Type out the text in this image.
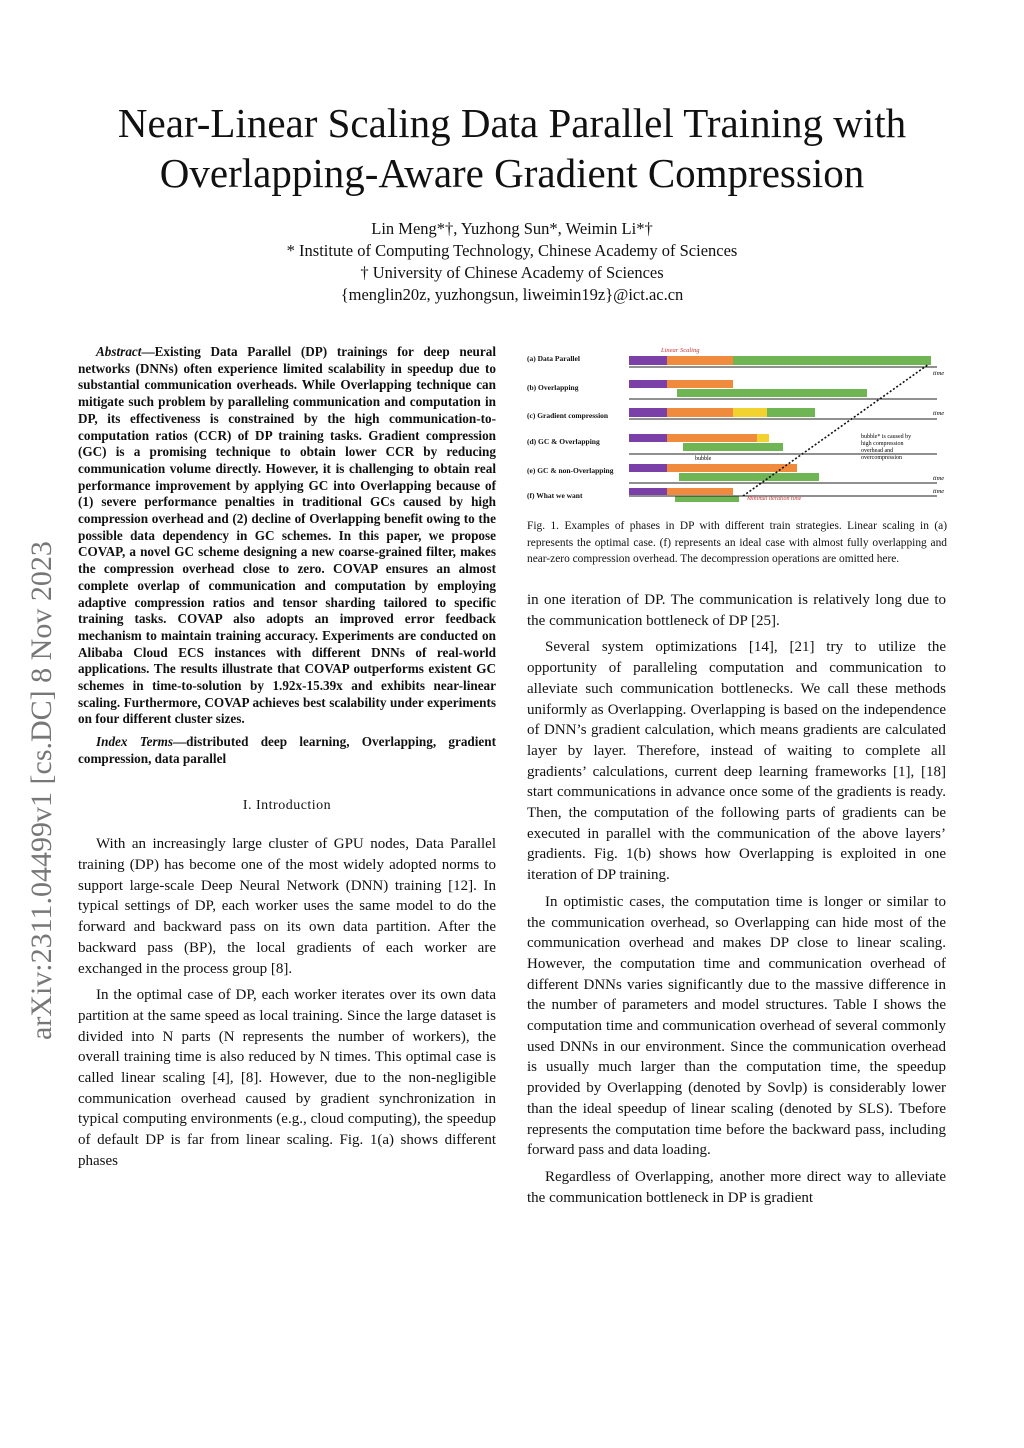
arXiv:2311.04499v1 [cs.DC] 8 Nov 2023
Near-Linear Scaling Data Parallel Training with
Overlapping-Aware Gradient Compression
Lin Meng*†, Yuzhong Sun*, Weimin Li*†
* Institute of Computing Technology, Chinese Academy of Sciences
† University of Chinese Academy of Sciences
{menglin20z, yuzhongsun, liweimin19z}@ict.ac.cn

Abstract—Existing Data Parallel (DP) trainings for deep neural networks (DNNs) often experience limited scalability in speedup due to substantial communication overheads. While Overlapping technique can mitigate such problem by paralleling communication and computation in DP, its effectiveness is constrained by the high communication-to-computation ratios (CCR) of DP training tasks. Gradient compression (GC) is a promising technique to obtain lower CCR by reducing communication volume directly. However, it is challenging to obtain real performance improvement by applying GC into Overlapping because of (1) severe performance penalties in traditional GCs caused by high compression overhead and (2) decline of Overlapping benefit owing to the possible data dependency in GC schemes. In this paper, we propose COVAP, a novel GC scheme designing a new coarse-grained filter, makes the compression overhead close to zero. COVAP ensures an almost complete overlap of communication and computation by employing adaptive compression ratios and tensor sharding tailored to specific training tasks. COVAP also adopts an improved error feedback mechanism to maintain training accuracy. Experiments are conducted on Alibaba Cloud ECS instances with different DNNs of real-world applications. The results illustrate that COVAP outperforms existent GC schemes in time-to-solution by 1.92x-15.39x and exhibits near-linear scaling. Furthermore, COVAP achieves best scalability under experiments on four different cluster sizes.

Index Terms—distributed deep learning, Overlapping, gradient compression, data parallel

I. Introduction

With an increasingly large cluster of GPU nodes, Data Parallel training (DP) has become one of the most widely adopted norms to support large-scale Deep Neural Network (DNN) training [12]. In typical settings of DP, each worker uses the same model to do the forward and backward pass on its own data partition. After the backward pass (BP), the local gradients of each worker are exchanged in the process group [8].

In the optimal case of DP, each worker iterates over its own data partition at the same speed as local training. Since the large dataset is divided into N parts (N represents the number of workers), the overall training time is also reduced by N times. This optimal case is called linear scaling [4], [8]. However, due to the non-negligible communication overhead caused by gradient synchronization in typical computing environments (e.g., cloud computing), the speedup of default DP is far from linear scaling. Fig. 1(a) shows different phases

(a) Data Parallel
(b) Overlapping
(c) Gradient compression
(d) GC & Overlapping
(e) GC & non-Overlapping
(f) What we want
Linear Scaling
time
time
bubble
bubble* is caused by
high compression
overhead and
overcompression
time
time
Minimal iteration time
Fig. 1. Examples of phases in DP with different train strategies. Linear scaling in (a) represents the optimal case. (f) represents an ideal case with almost fully overlapping and near-zero compression overhead. The decompression operations are omitted here.

in one iteration of DP. The communication is relatively long due to the communication bottleneck of DP [25].

Several system optimizations [14], [21] try to utilize the opportunity of paralleling computation and communication to alleviate such communication bottlenecks. We call these methods uniformly as Overlapping. Overlapping is based on the independence of DNN’s gradient calculation, which means gradients are calculated layer by layer. Therefore, instead of waiting to complete all gradients’ calculations, current deep learning frameworks [1], [18] start communications in advance once some of the gradients is ready. Then, the computation of the following parts of gradients can be executed in parallel with the communication of the above layers’ gradients. Fig. 1(b) shows how Overlapping is exploited in one iteration of DP training.

In optimistic cases, the computation time is longer or similar to the communication overhead, so Overlapping can hide most of the communication overhead and makes DP close to linear scaling. However, the computation time and communication overhead of different DNNs varies significantly due to the massive difference in the number of parameters and model structures. Table I shows the computation time and communication overhead of several commonly used DNNs in our environment. Since the communication overhead is usually much larger than the computation time, the speedup provided by Overlapping (denoted by Sovlp) is considerably lower than the ideal speedup of linear scaling (denoted by SLS). Tbefore represents the computation time before the backward pass, including forward pass and data loading.

Regardless of Overlapping, another more direct way to alleviate the communication bottleneck in DP is gradient
